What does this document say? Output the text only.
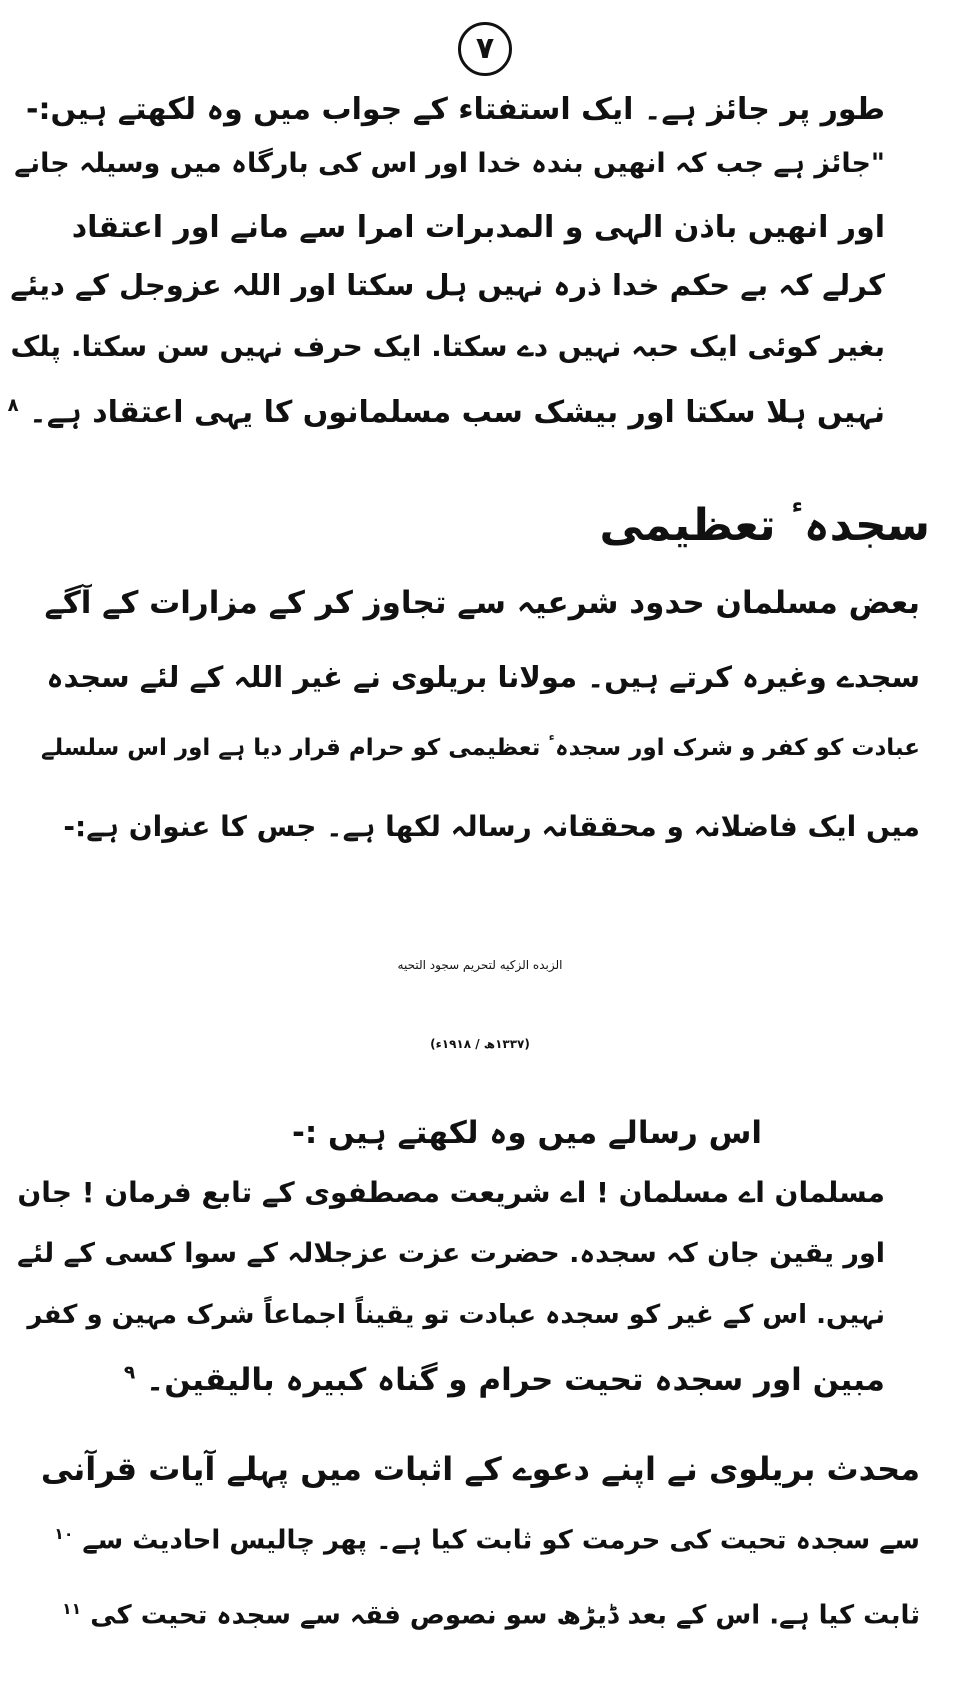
۷
طور پر جائز ہے۔ ایک استفتاء کے جواب میں وہ لکھتے ہیں:-
"جائز ہے جب کہ انھیں بندہ خدا اور اس کی بارگاہ میں وسیلہ جانے
اور انھیں باذن الہی و المدبرات امرا سے مانے اور اعتقاد
کرلے کہ بے حکم خدا ذرہ نہیں ہل سکتا اور اللہ عزوجل کے دیئے
بغیر کوئی ایک حبہ نہیں دے سکتا. ایک حرف نہیں سن سکتا. پلک
نہیں ہلا سکتا اور بیشک سب مسلمانوں کا یہی اعتقاد ہے۔ $^۸$
سجدہٴ تعظیمی
بعض مسلمان حدود شرعیہ سے تجاوز کر کے مزارات کے آگے
سجدے وغیرہ کرتے ہیں۔ مولانا بریلوی نے غیر اللہ کے لئے سجدہ
عبادت کو کفر و شرک اور سجدہٴ تعظیمی کو حرام قرار دیا ہے اور اس سلسلے
میں ایک فاضلانہ و محققانہ رسالہ لکھا ہے۔ جس کا عنوان ہے:-
الزبده الزکیه لتحریم سجود التحیه
(۱۳۳۷ھ / ۱۹۱۸ء)
اس رسالے میں وہ لکھتے ہیں :-
مسلمان اے مسلمان ! اے شریعت مصطفوی کے تابع فرمان ! جان
اور یقین جان کہ سجدہ. حضرت عزت عزجلالہ کے سوا کسی کے لئے
نہیں. اس کے غیر کو سجدہ عبادت تو یقیناً اجماعاً شرک مہین و کفر
مبین اور سجدہ تحیت حرام و گناہ کبیرہ بالیقین۔ $^۹$
محدث بریلوی نے اپنے دعوے کے اثبات میں پہلے آیات قرآنی
سے سجدہ تحیت کی حرمت کو ثابت کیا ہے۔ پھر چالیس احادیث سے $^{۱۰}$
ثابت کیا ہے. اس کے بعد ڈیڑھ سو نصوص فقہ سے سجدہ تحیت کی $^{۱۱}$
